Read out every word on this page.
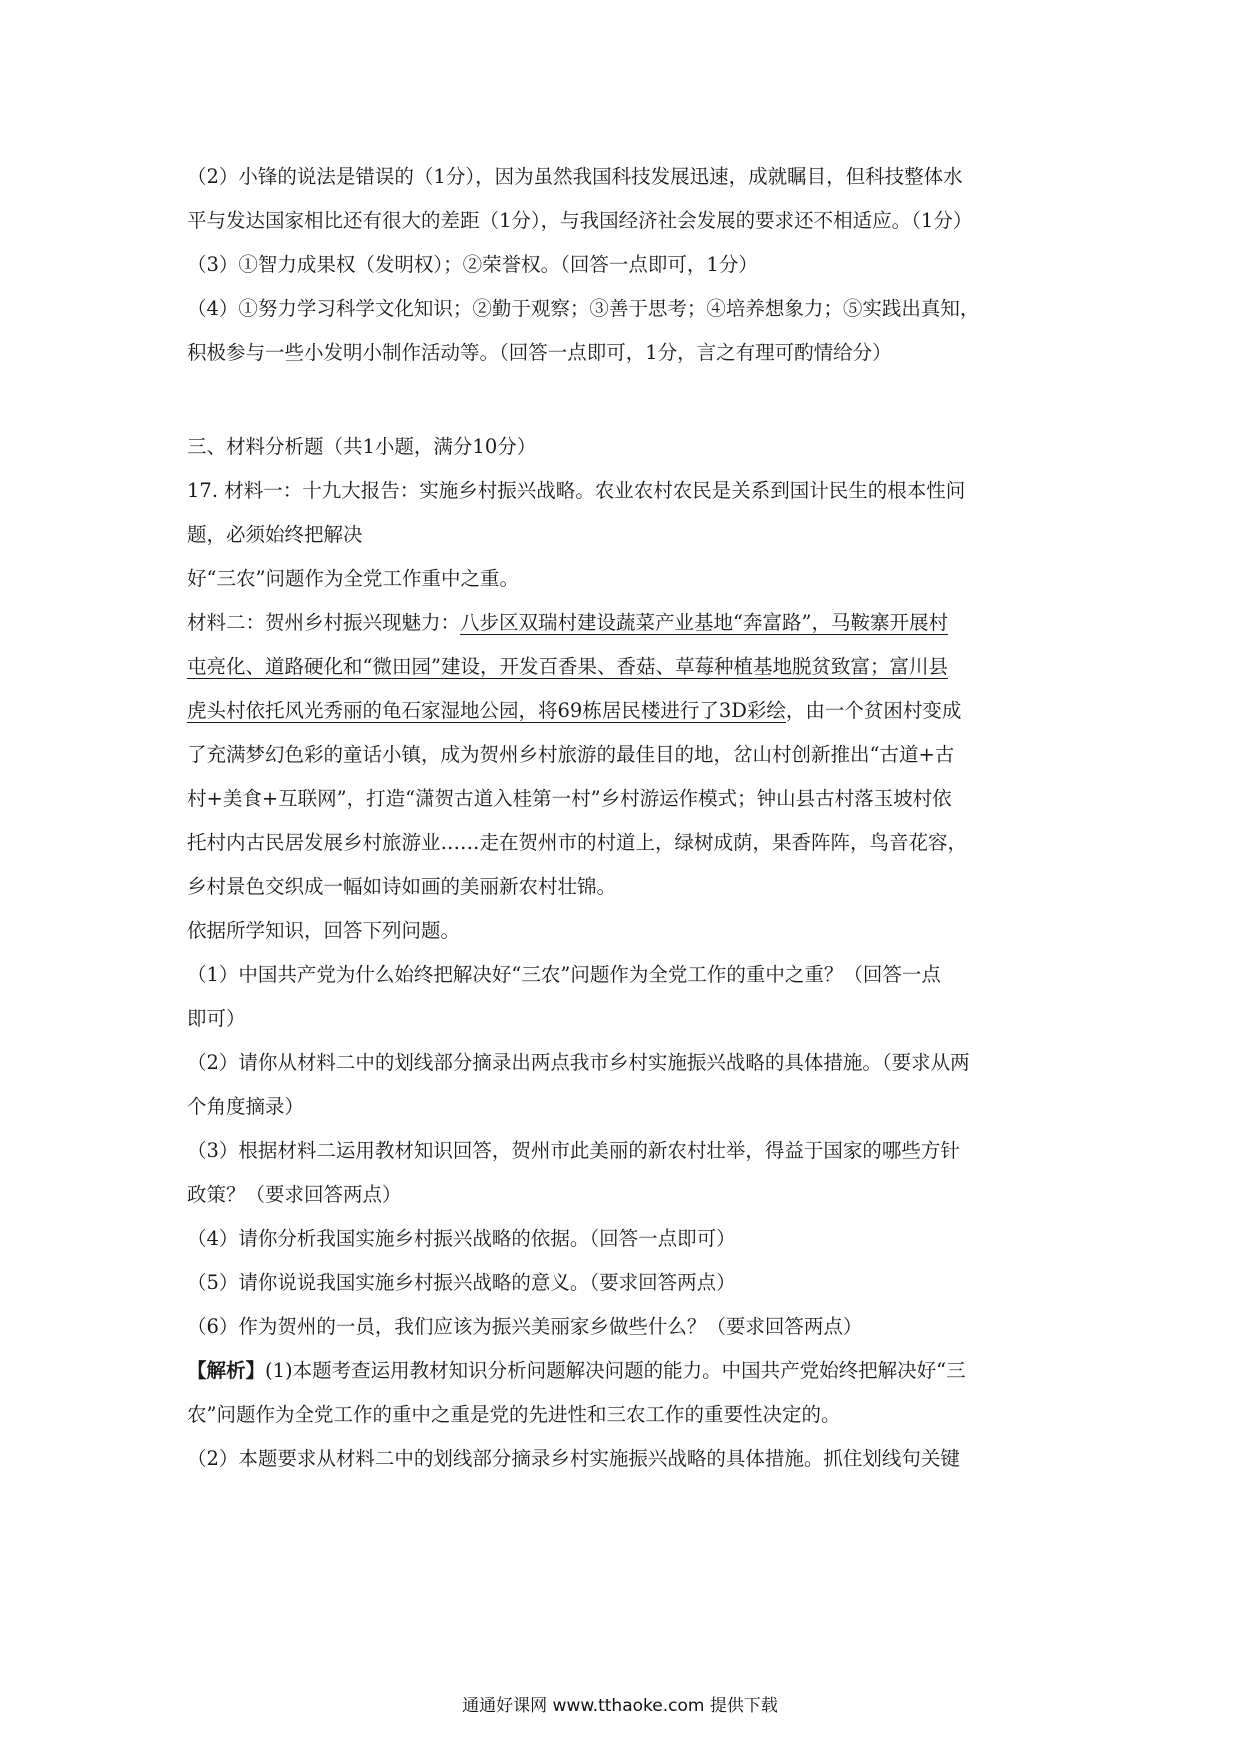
（2）小锋的说法是错误的（1分），因为虽然我国科技发展迅速，成就瞩目，但科技整体水

平与发达国家相比还有很大的差距（1分），与我国经济社会发展的要求还不相适应。（1分）

（3）①智力成果权（发明权）；②荣誉权。（回答一点即可，1分）

（4）①努力学习科学文化知识；②勤于观察；③善于思考；④培养想象力；⑤实践出真知，

积极参与一些小发明小制作活动等。（回答一点即可，1分，言之有理可酌情给分）

三、材料分析题（共1小题，满分10分）

17. 材料一：十九大报告：实施乡村振兴战略。农业农村农民是关系到国计民生的根本性问

题，必须始终把解决

好“三农”问题作为全党工作重中之重。

材料二：贺州乡村振兴现魅力：八步区双瑞村建设蔬菜产业基地“奔富路”，马鞍寨开展村

屯亮化、道路硬化和“微田园”建设，开发百香果、香菇、草莓种植基地脱贫致富；富川县

虎头村依托风光秀丽的龟石家湿地公园，将69栋居民楼进行了3D彩绘，由一个贫困村变成

了充满梦幻色彩的童话小镇，成为贺州乡村旅游的最佳目的地，岔山村创新推出“古道+古

村+美食+互联网”，打造“潇贺古道入桂第一村”乡村游运作模式；钟山县古村落玉坡村依

托村内古民居发展乡村旅游业……走在贺州市的村道上，绿树成荫，果香阵阵，鸟音花容，

乡村景色交织成一幅如诗如画的美丽新农村壮锦。

依据所学知识，回答下列问题。

（1）中国共产党为什么始终把解决好“三农”问题作为全党工作的重中之重？（回答一点

即可）

（2）请你从材料二中的划线部分摘录出两点我市乡村实施振兴战略的具体措施。（要求从两

个角度摘录）

（3）根据材料二运用教材知识回答，贺州市此美丽的新农村壮举，得益于国家的哪些方针

政策？（要求回答两点）

（4）请你分析我国实施乡村振兴战略的依据。（回答一点即可）

（5）请你说说我国实施乡村振兴战略的意义。（要求回答两点）

（6）作为贺州的一员，我们应该为振兴美丽家乡做些什么？（要求回答两点）

【解析】(1)本题考查运用教材知识分析问题解决问题的能力。中国共产党始终把解决好“三

农”问题作为全党工作的重中之重是党的先进性和三农工作的重要性决定的。

（2）本题要求从材料二中的划线部分摘录乡村实施振兴战略的具体措施。抓住划线句关键

通通好课网 www.tthaoke.com 提供下载
